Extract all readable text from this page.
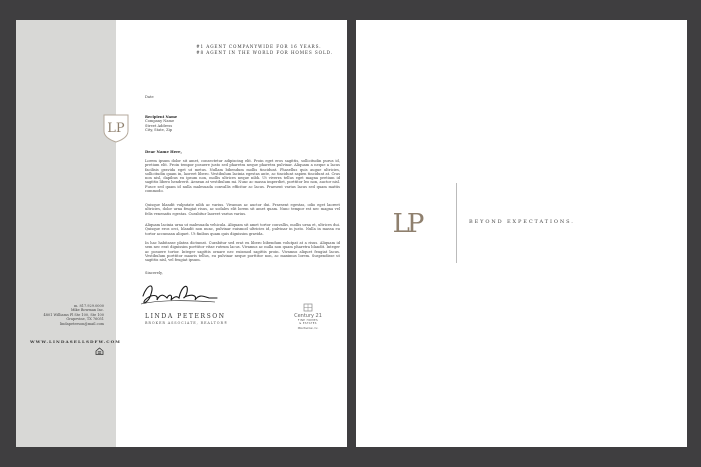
#1 AGENT COMPANYWIDE FOR 16 YEARS.
#8 AGENT IN THE WORLD FOR HOMES SOLD.
LP
Date
Recipient Name
Company Name
Street Address
City, State, Zip
Dear Name Here,
Lorem ipsum dolor sit amet, consectetur adipiscing elit. Proin eget eros sagittis, sollicitudin purus id, pretium elit. Proin tempor posuere justo sed pharetra neque pharetra pulvinar. Aliquam a neque a lacus facilisis gravida eget ut metus. Nullam bibendum mollis tincidunt. Phasellus quis augue ultricies, sollicitudin quam in, laoreet libero. Vestibulum lacinia egestas ante, ac tincidunt sapien tincidunt at. Cras non nisl, dapibus eu ipsum non, mollis ultrices neque nibh. Ut viverra tellus eget magna pretium id sagittis libero hendrerit. Aenean at vestibulum mi. Nunc ac massa imperdiet, porttitor leo non, auctor nisl. Fusce sed quam id nulla malesuada convallis efficitur ac lacus. Praesent varius lacus sed quam mattis commodo.
Quisque blandit vulputate nibh ac varius. Vivamus ac auctor dui. Praesent egestas, odio eget laoreet ultricies, dolor urna feugiat risus, ac sodales elit lorem sit amet quam. Nunc tempor est nec magna vel felis venenatis egestas. Curabitur laoreet varius varius.
Aliquam lacinia urna ut malesuada vehicula. Aliquam sit amet tortor convallis, mollis urna et, ultrices dui. Quisque eros orci, blandit non nunc, pulvinar euismod ultricies id, pulvinar in justo. Nulla in massa eu tortor accumsan aliquet. Ut finibus quam quis dignissim gravida.
In hac habitasse platea dictumst. Curabitur sed erat eu libero bibendum volutpat at a risus. Aliquam id sem nec erat dignissim porttitor vitae rutrum lacus. Vivamus ac nulla non quam pharetra blandit. Integer ac posuere tortor. Integer sagittis ornare nec euismod sagittis proin. Vivamus aliquet feugiat lacus. Vestibulum porttitor mauris tellus, eu pulvinar neque porttitor non, ac maximus lorem. Suspendisse ut sagittis nisl, vel feugiat ipsum.
Sincerely,
LINDA PETERSON
BROKER ASSOCIATE, REALTOR®
m. 817.929.0000
Mike Bowman Inc.
4801 Williams Pl Ste 100, Ste 100
Grapevine, TX 76051
lindapeterson@mail.com
WWW.LINDASELLSDFW.COM
Century 21
FINE HOMES
& ESTATES
Mike Bowman, Inc.
LP	BEYOND EXPECTATIONS.
